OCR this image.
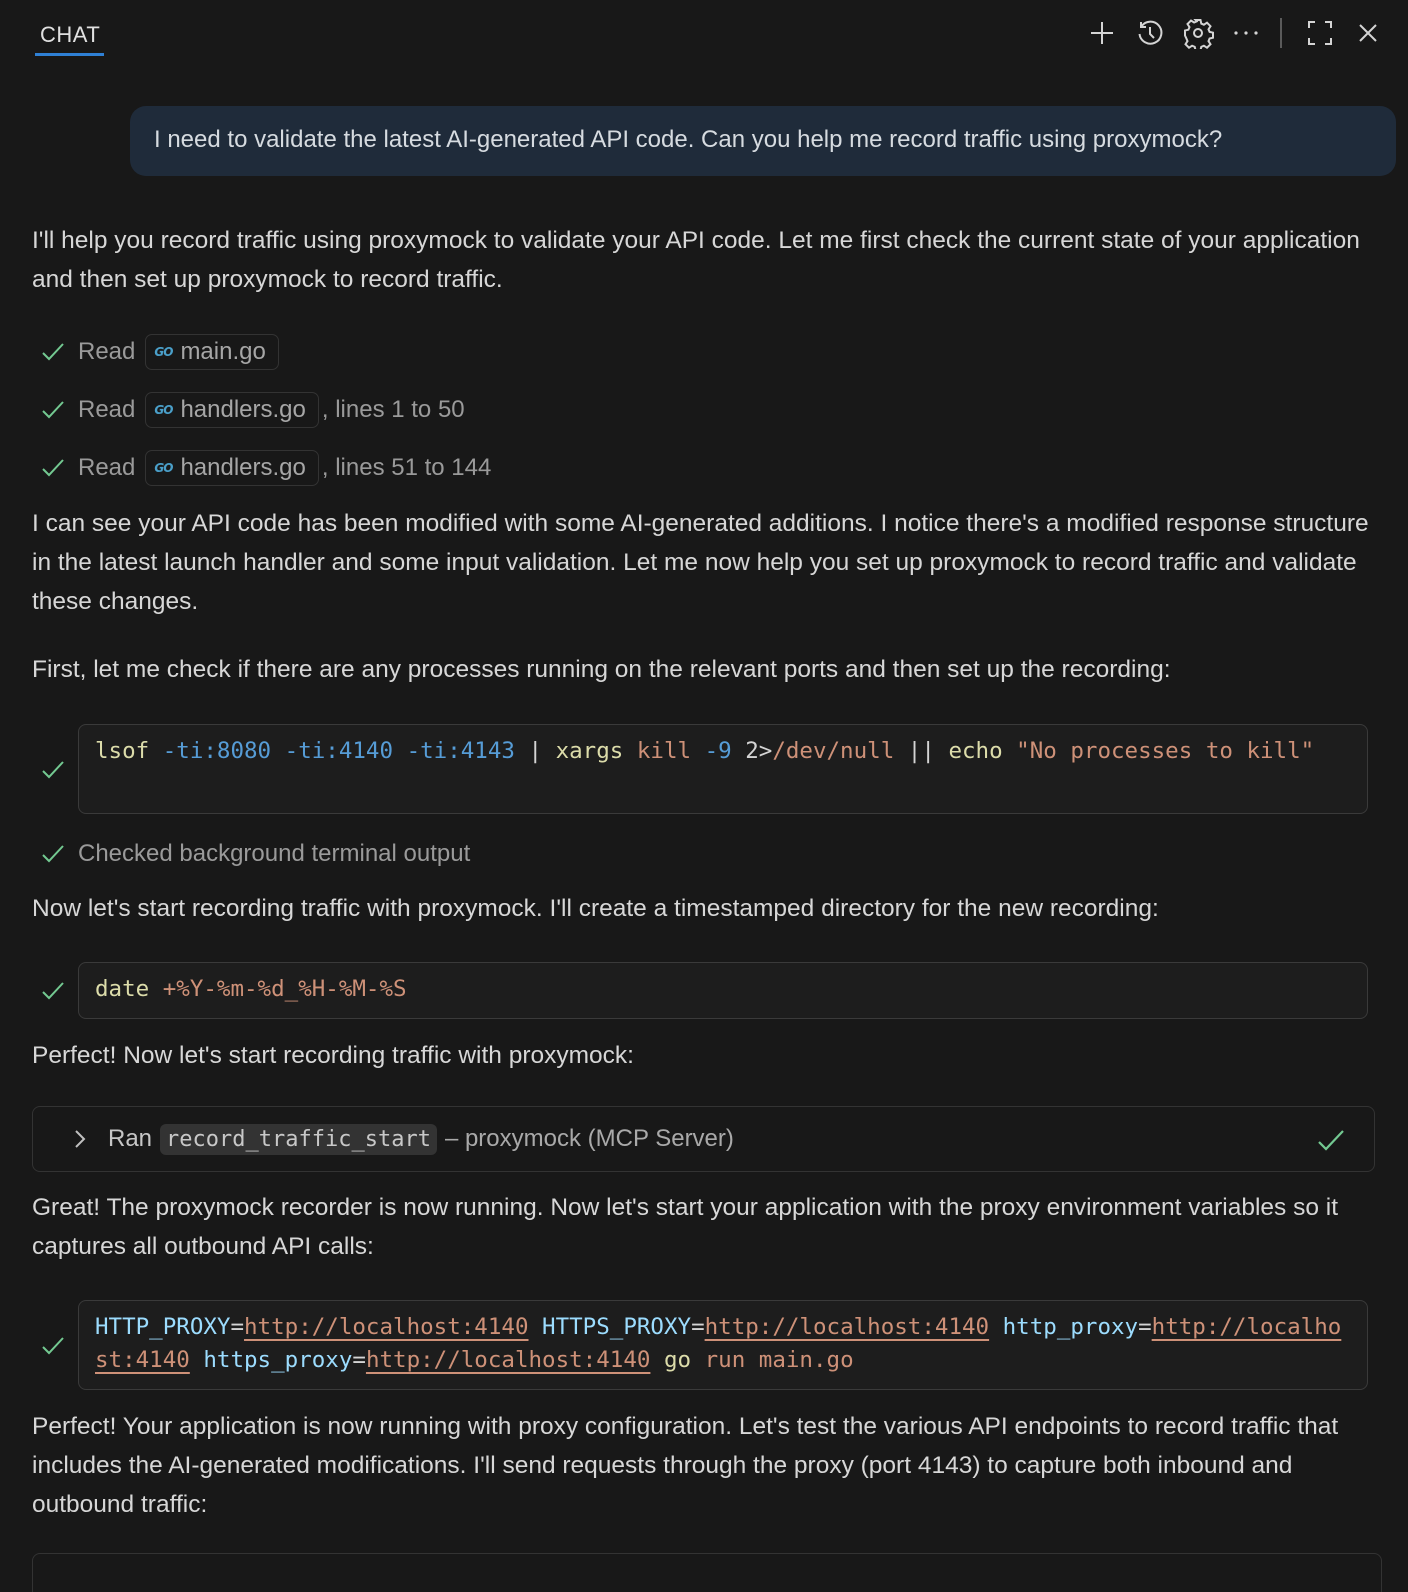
CHAT
I need to validate the latest AI-generated API code. Can you help me record traffic using proxymock?

I'll help you record traffic using proxymock to validate your API code. Let me first check the current state of your application and then set up proxymock to record traffic.

Read GO main.go
Read GO handlers.go , lines 1 to 50
Read GO handlers.go , lines 51 to 144

I can see your API code has been modified with some AI-generated additions. I notice there's a modified response structure in the latest launch handler and some input validation. Let me now help you set up proxymock to record traffic and validate these changes.

First, let me check if there are any processes running on the relevant ports and then set up the recording:

lsof -ti:8080 -ti:4140 -ti:4143 | xargs kill -9 2>/dev/null || echo "No processes to kill"
Checked background terminal output

Now let's start recording traffic with proxymock. I'll create a timestamped directory for the new recording:

date +%Y-%m-%d_%H-%M-%S

Perfect! Now let's start recording traffic with proxymock:

Ran record_traffic_start – proxymock (MCP Server)

Great! The proxymock recorder is now running. Now let's start your application with the proxy environment variables so it captures all outbound API calls:

HTTP_PROXY=http://localhost:4140 HTTPS_PROXY=http://localhost:4140 http_proxy=http://localhost:4140 https_proxy=http://localhost:4140 go run main.go

Perfect! Your application is now running with proxy configuration. Let's test the various API endpoints to record traffic that includes the AI-generated modifications. I'll send requests through the proxy (port 4143) to capture both inbound and outbound traffic:
